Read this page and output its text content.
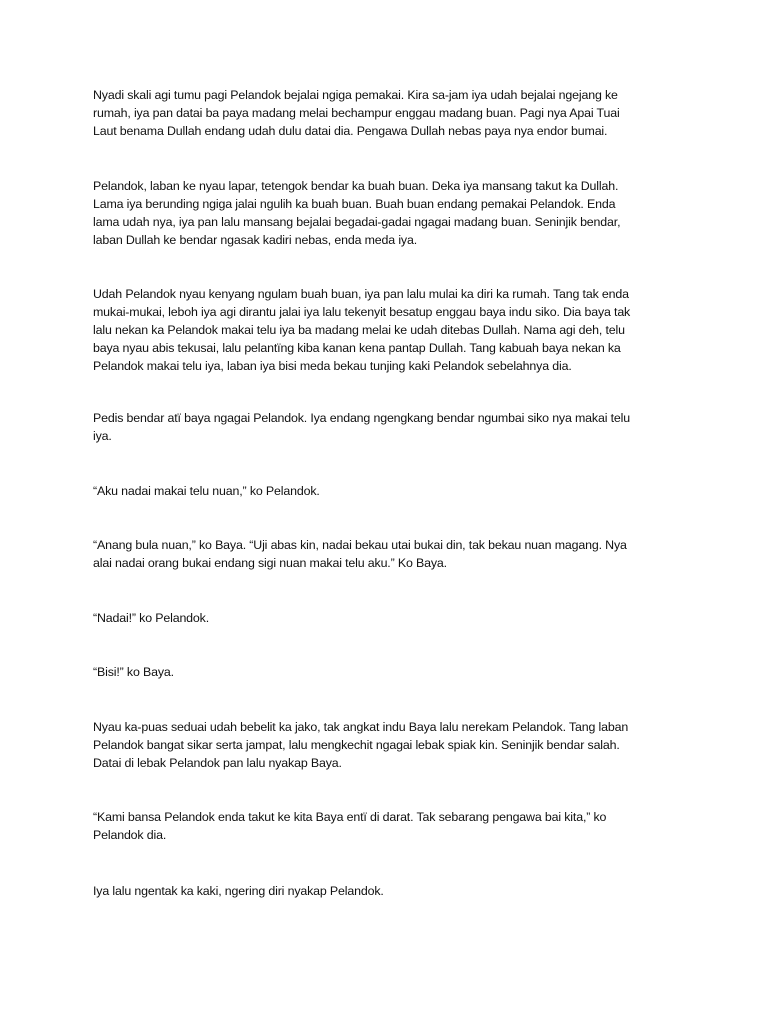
Nyadi skali agi tumu pagi Pelandok bejalai ngiga pemakai. Kira sa-jam iya udah bejalai ngejang ke
rumah, iya pan datai ba paya madang melai bechampur enggau madang buan. Pagi nya Apai Tuai
Laut benama Dullah endang udah dulu datai dia. Pengawa Dullah nebas paya nya endor bumai.

Pelandok, laban ke nyau lapar, tetengok bendar ka buah buan. Deka iya mansang takut ka Dullah.
Lama iya berunding ngiga jalai ngulih ka buah buan. Buah buan endang pemakai Pelandok. Enda
lama udah nya, iya pan lalu mansang bejalai begadai-gadai ngagai madang buan. Seninjik bendar,
laban Dullah ke bendar ngasak kadiri nebas, enda meda iya.

Udah Pelandok nyau kenyang ngulam buah buan, iya pan lalu mulai ka diri ka rumah. Tang tak enda
mukai-mukai, leboh iya agi dirantu jalai iya lalu tekenyit besatup enggau baya indu siko. Dia baya tak
lalu nekan ka Pelandok makai telu iya ba madang melai ke udah ditebas Dullah. Nama agi deh, telu
baya nyau abis tekusai, lalu pelantïng kiba kanan kena pantap Dullah. Tang kabuah baya nekan ka
Pelandok makai telu iya, laban iya bisi meda bekau tunjing kaki Pelandok sebelahnya dia.

Pedis bendar atï baya ngagai Pelandok. Iya endang ngengkang bendar ngumbai siko nya makai telu
iya.

“Aku nadai makai telu nuan,” ko Pelandok.

“Anang bula nuan,” ko Baya. “Uji abas kin, nadai bekau utai bukai din, tak bekau nuan magang. Nya
alai nadai orang bukai endang sigi nuan makai telu aku.” Ko Baya.

“Nadai!” ko Pelandok.

“Bisi!” ko Baya.

Nyau ka-puas seduai udah bebelit ka jako, tak angkat indu Baya lalu nerekam Pelandok. Tang laban
Pelandok bangat sikar serta jampat, lalu mengkechit ngagai lebak spiak kin. Seninjik bendar salah.
Datai di lebak Pelandok pan lalu nyakap Baya.

“Kami bansa Pelandok enda takut ke kita Baya entï di darat. Tak sebarang pengawa bai kita,” ko
Pelandok dia.

Iya lalu ngentak ka kaki, ngering diri nyakap Pelandok.
